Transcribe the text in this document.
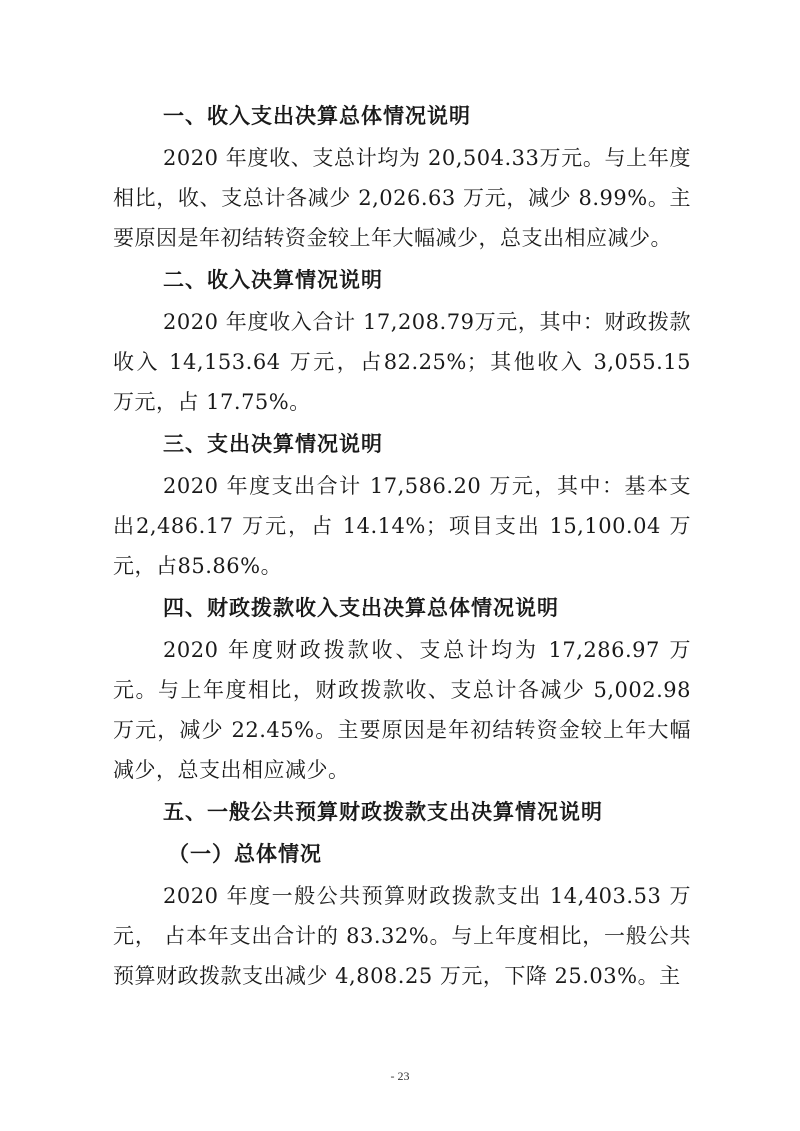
一、收入支出决算总体情况说明

2020 年度收、支总计均为 20,504.33万元。与上年度相比，收、支总计各减少 2,026.63 万元，减少 8.99%。主要原因是年初结转资金较上年大幅减少，总支出相应减少。

二、收入决算情况说明

2020 年度收入合计 17,208.79万元，其中：财政拨款收入 14,153.64 万元，占82.25%；其他收入 3,055.15 万元，占 17.75%。

三、支出决算情况说明

2020 年度支出合计 17,586.20 万元，其中：基本支出2,486.17 万元，占 14.14%；项目支出 15,100.04 万元，占85.86%。

四、财政拨款收入支出决算总体情况说明

2020 年度财政拨款收、支总计均为 17,286.97 万元。与上年度相比，财政拨款收、支总计各减少 5,002.98 万元，减少 22.45%。主要原因是年初结转资金较上年大幅减少，总支出相应减少。

五、一般公共预算财政拨款支出决算情况说明
（一）总体情况

2020 年度一般公共预算财政拨款支出 14,403.53 万元， 占本年支出合计的 83.32%。与上年度相比，一般公共预算财政拨款支出减少 4,808.25 万元，下降 25.03%。主

- 23
